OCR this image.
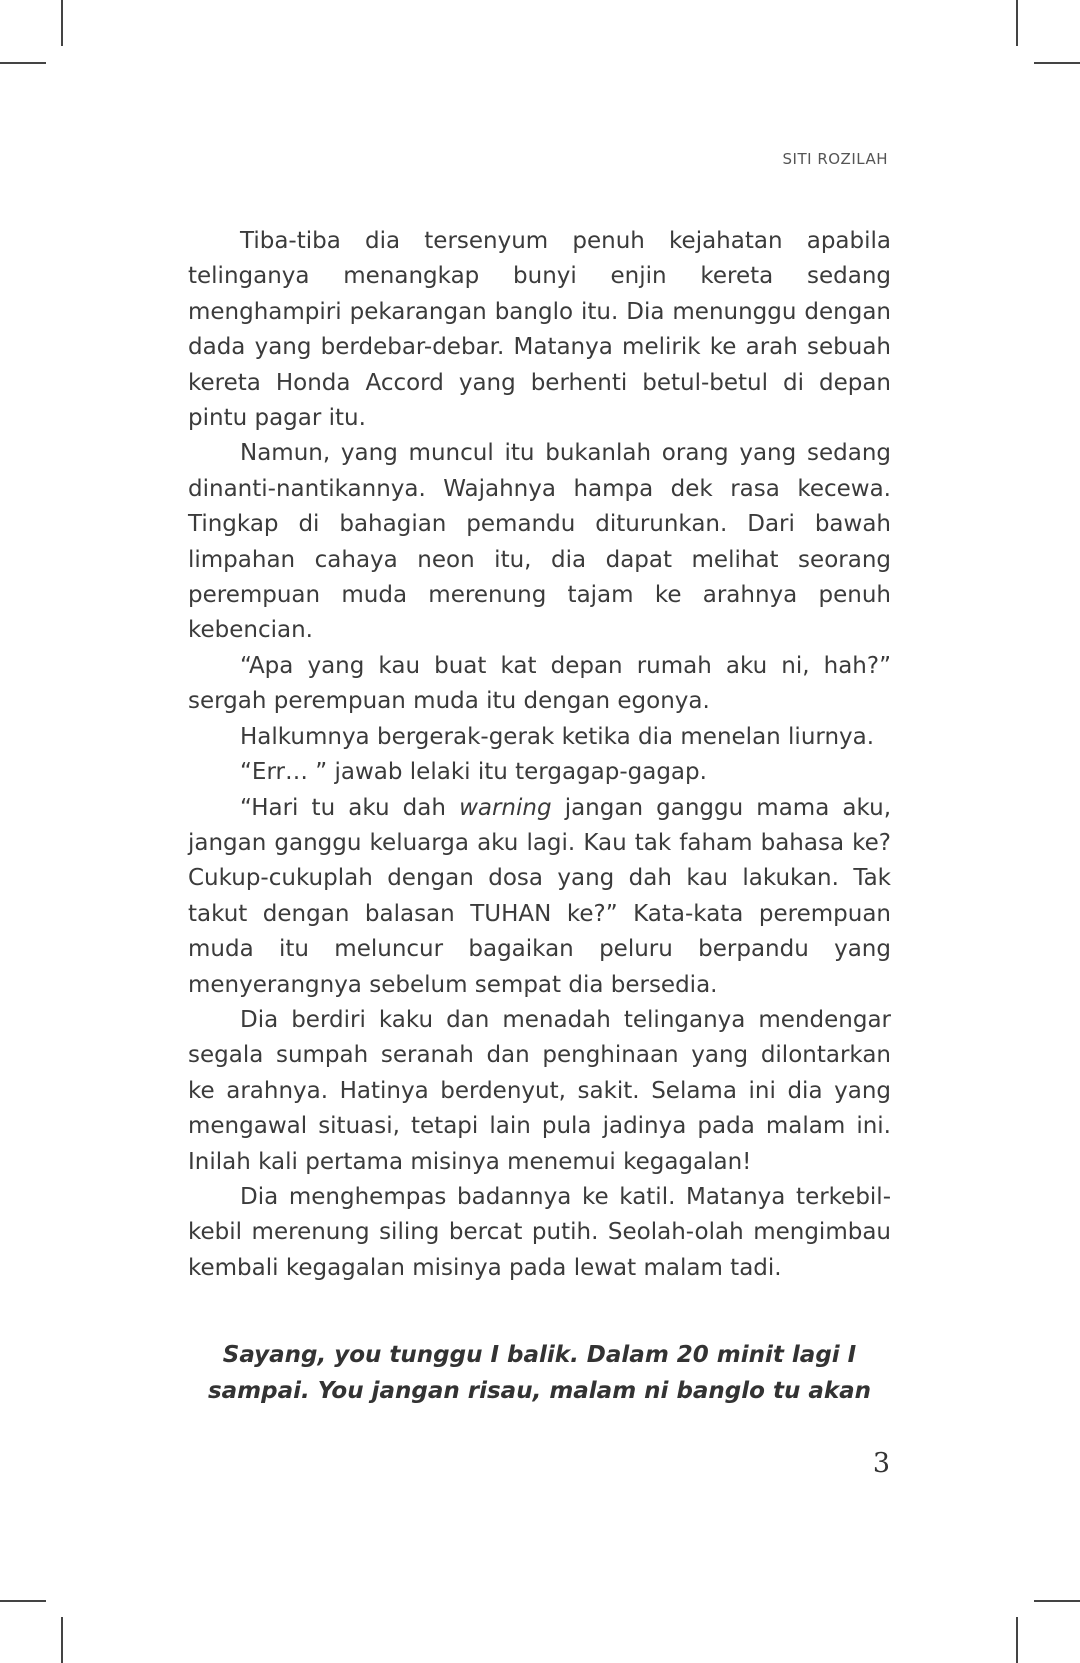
SITI ROZILAH

Tiba-tiba dia tersenyum penuh kejahatan apabila telinganya menangkap bunyi enjin kereta sedang menghampiri pekarangan banglo itu. Dia menunggu dengan dada yang berdebar-debar. Matanya melirik ke arah sebuah kereta Honda Accord yang berhenti betul-betul di depan pintu pagar itu.

Namun, yang muncul itu bukanlah orang yang sedang dinanti-nantikannya. Wajahnya hampa dek rasa kecewa. Tingkap di bahagian pemandu diturunkan. Dari bawah limpahan cahaya neon itu, dia dapat melihat seorang perempuan muda merenung tajam ke arahnya penuh kebencian.

“Apa yang kau buat kat depan rumah aku ni, hah?” sergah perempuan muda itu dengan egonya.

Halkumnya bergerak-gerak ketika dia menelan liurnya.

“Err… ” jawab lelaki itu tergagap-gagap.

“Hari tu aku dah warning jangan ganggu mama aku, jangan ganggu keluarga aku lagi. Kau tak faham bahasa ke? Cukup-cukuplah dengan dosa yang dah kau lakukan. Tak takut dengan balasan TUHAN ke?” Kata-kata perempuan muda itu meluncur bagaikan peluru berpandu yang menyerangnya sebelum sempat dia bersedia.

Dia berdiri kaku dan menadah telinganya mendengar segala sumpah seranah dan penghinaan yang dilontarkan ke arahnya. Hatinya berdenyut, sakit. Selama ini dia yang mengawal situasi, tetapi lain pula jadinya pada malam ini. Inilah kali pertama misinya menemui kegagalan!

Dia menghempas badannya ke katil. Matanya terkebil-kebil merenung siling bercat putih. Seolah-olah mengimbau kembali kegagalan misinya pada lewat malam tadi.

Sayang, you tunggu I balik. Dalam 20 minit lagi I
sampai. You jangan risau, malam ni banglo tu akan
3
